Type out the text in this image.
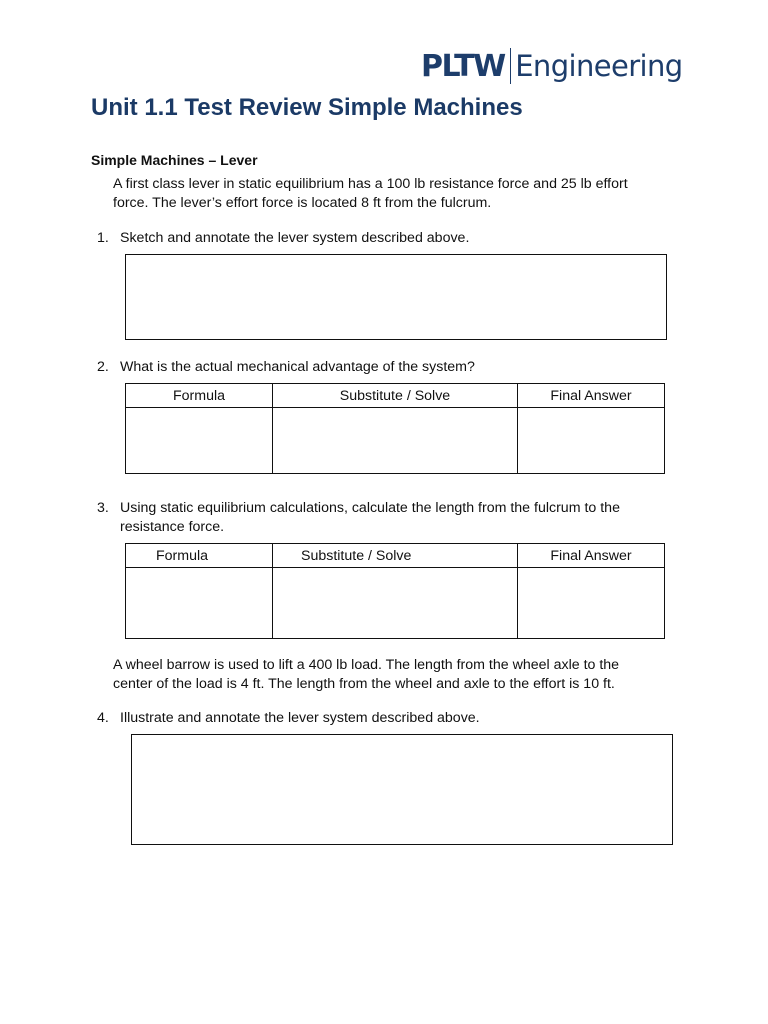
PLTW Engineering
Unit 1.1 Test Review Simple Machines
Simple Machines – Lever
A first class lever in static equilibrium has a 100 lb resistance force and 25 lb effort
force. The lever’s effort force is located 8 ft from the fulcrum.
1. Sketch and annotate the lever system described above.
2. What is the actual mechanical advantage of the system?
Formula	Substitute / Solve	Final Answer

3. Using static equilibrium calculations, calculate the length from the fulcrum to the
resistance force.
Formula	Substitute / Solve	Final Answer

A wheel barrow is used to lift a 400 lb load. The length from the wheel axle to the
center of the load is 4 ft. The length from the wheel and axle to the effort is 10 ft.
4. Illustrate and annotate the lever system described above.
